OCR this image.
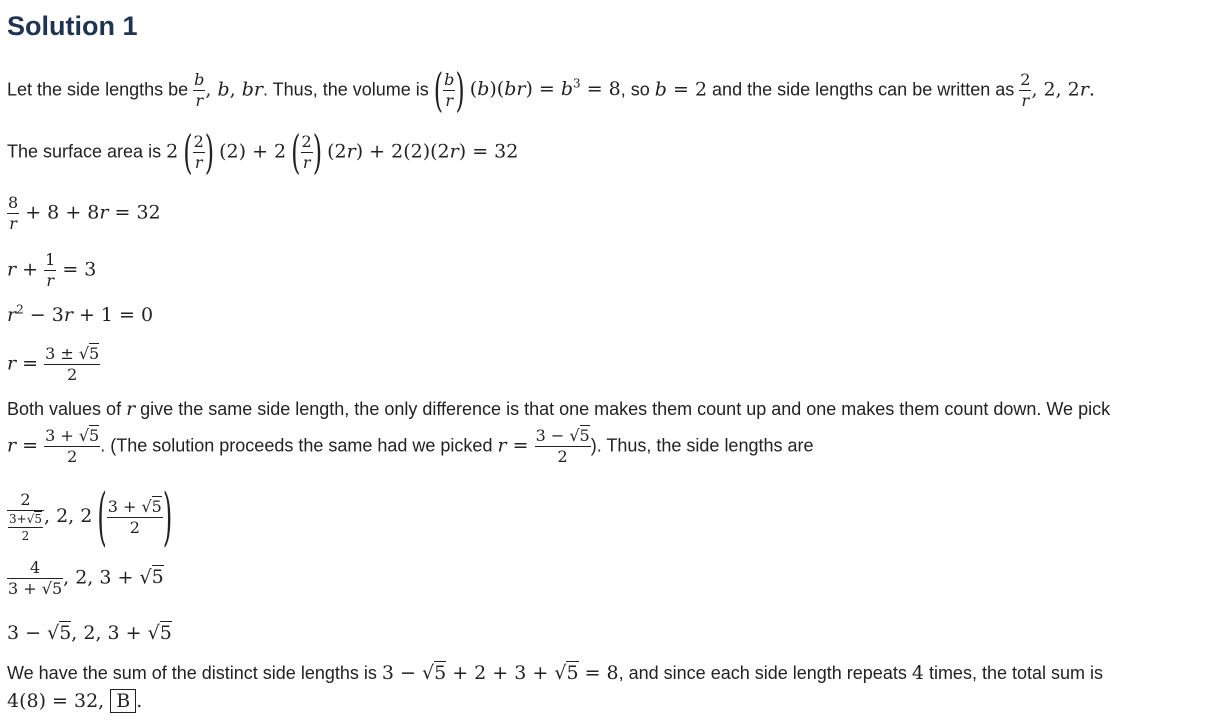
Solution 1
Let the side lengths be $\frac{b}{r}$ , b, br. Thus, the volume is ( $\frac{b}{r}$ ) $(b)(br) = b^3 = 8$, so b = 2 and the side lengths can be written as $\frac{2}{r}$ , 2, 2r.
The surface area is 2 ( $\frac{2}{r}$ ) (2) + 2 ( $\frac{2}{r}$ ) (2r) + 2(2)(2r) = 32
$\frac{8}{r} + 8 + 8r = 32$
$r + \frac{1}{r} = 3$
$r^2 - 3r + 1 = 0$
$r = \frac{3 \pm √5}{2}$
Both values of r give the same side length, the only difference is that one makes them count up and one makes them count down. We pick
$r = \frac{3 + √5}{2}$ . (The solution proceeds the same had we picked $r = \frac{3 - √5}{2}$ ). Thus, the side lengths are
$\frac{2}{\frac{3+√5}{2}}$ , 2, 2 ( $\frac{3 + √5}{2}$ )
$\frac{4}{3 + √5}$ , 2, 3 + √5
3 − √5, 2, 3 + √5
We have the sum of the distinct side lengths is 3 − √5 + 2 + 3 + √5 = 8, and since each side length repeats 4 times, the total sum is
4(8) = 32, B .
